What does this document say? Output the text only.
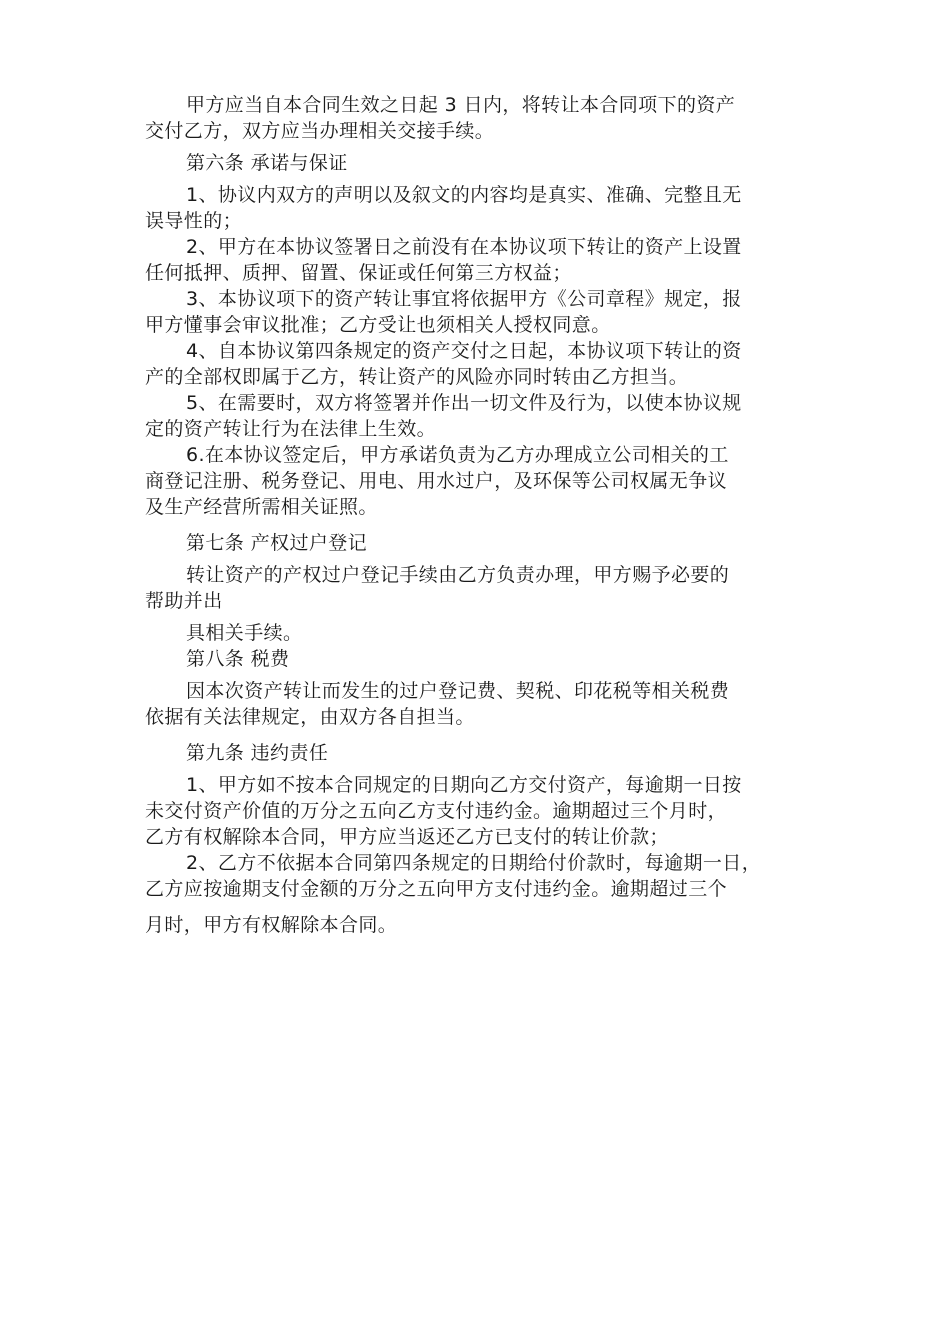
甲方应当自本合同生效之日起 3 日内，将转让本合同项下的资产
交付乙方，双方应当办理相关交接手续。
第六条 承诺与保证
1、协议内双方的声明以及叙文的内容均是真实、准确、完整且无
误导性的；
2、甲方在本协议签署日之前没有在本协议项下转让的资产上设置
任何抵押、质押、留置、保证或任何第三方权益；
3、本协议项下的资产转让事宜将依据甲方《公司章程》规定，报
甲方懂事会审议批准；乙方受让也须相关人授权同意。
4、自本协议第四条规定的资产交付之日起，本协议项下转让的资
产的全部权即属于乙方，转让资产的风险亦同时转由乙方担当。
5、在需要时，双方将签署并作出一切文件及行为，以使本协议规
定的资产转让行为在法律上生效。
6.在本协议签定后，甲方承诺负责为乙方办理成立公司相关的工
商登记注册、税务登记、用电、用水过户，及环保等公司权属无争议
及生产经营所需相关证照。
第七条 产权过户登记
转让资产的产权过户登记手续由乙方负责办理，甲方赐予必要的
帮助并出
具相关手续。
第八条 税费
因本次资产转让而发生的过户登记费、契税、印花税等相关税费
依据有关法律规定，由双方各自担当。
第九条 违约责任
1、甲方如不按本合同规定的日期向乙方交付资产，每逾期一日按
未交付资产价值的万分之五向乙方支付违约金。逾期超过三个月时，
乙方有权解除本合同，甲方应当返还乙方已支付的转让价款；
2、乙方不依据本合同第四条规定的日期给付价款时，每逾期一日，
乙方应按逾期支付金额的万分之五向甲方支付违约金。逾期超过三个
月时，甲方有权解除本合同。
